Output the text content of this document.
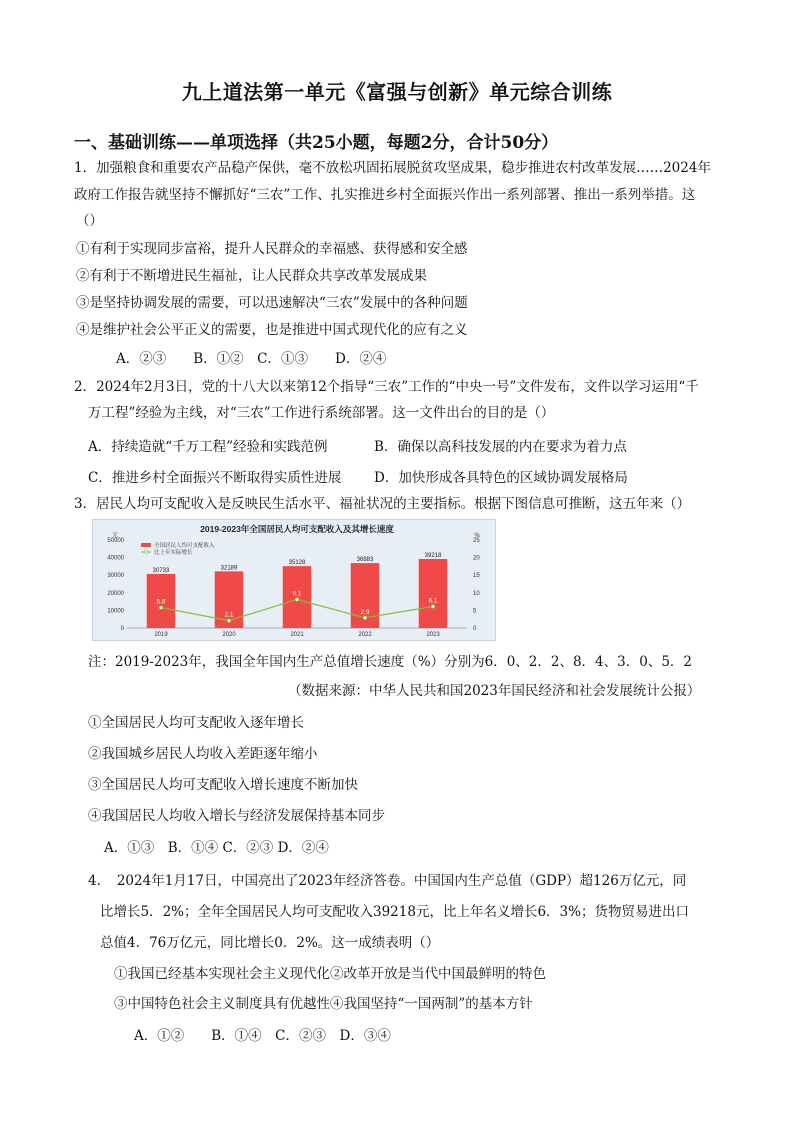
九上道法第一单元《富强与创新》单元综合训练
一、基础训练——单项选择（共25小题，每题2分，合计50分）
1．加强粮食和重要农产品稳产保供，毫不放松巩固拓展脱贫攻坚成果，稳步推进农村改革发展……2024年
政府工作报告就坚持不懈抓好“三农”工作、扎实推进乡村全面振兴作出一系列部署、推出一系列举措。这
（）
①有利于实现同步富裕，提升人民群众的幸福感、获得感和安全感
②有利于不断增进民生福祉，让人民群众共享改革发展成果
③是坚持协调发展的需要，可以迅速解决“三农”发展中的各种问题
④是维护社会公平正义的需要，也是推进中国式现代化的应有之义
A．②③　　B．①②　C．①③　　D．②④
2．2024年2月3日，党的十八大以来第12个指导“三农”工作的“中央一号”文件发布，文件以学习运用“千
万工程”经验为主线，对“三农”工作进行系统部署。这一文件出台的目的是（）
A．持续造就“千万工程”经验和实践范例	B．确保以高科技发展的内在要求为着力点
C．推进乡村全面振兴不断取得实质性进展 D．加快形成各具特色的区域协调发展格局
3．居民人均可支配收入是反映民生活水平、福祉状况的主要指标。根据下图信息可推断，这五年来（）
元	%
0
10000
20000
30000
40000
50000
0
5
10
15
20
25
2019	2020	2021	2022	2023
30733	32189
35128
36883
39218
5.8
2.1
8.1
2.9
6.1
全国居民人均可支配收入
比上年实际增长
2019-2023年全国居民人均可支配收入及其增长速度
注：2019-2023年，我国全年国内生产总值增长速度（%）分别为6．0、2．2、8．4、3．0、5．2
（数据来源：中华人民共和国2023年国民经济和社会发展统计公报）
①全国居民人均可支配收入逐年增长
②我国城乡居民人均收入差距逐年缩小
③全国居民人均可支配收入增长速度不断加快
④我国居民人均收入增长与经济发展保持基本同步
A．①③　B．①④ C．②③ D．②④
4．　2024年1月17日，中国亮出了2023年经济答卷。中国国内生产总值（GDP）超126万亿元，同
比增长5．2%；全年全国居民人均可支配收入39218元，比上年名义增长6．3%；货物贸易进出口
总值4．76万亿元，同比增长0．2%。这一成绩表明（）
①我国已经基本实现社会主义现代化②改革开放是当代中国最鲜明的特色
③中国特色社会主义制度具有优越性④我国坚持“一国两制”的基本方针
A．①②　　B．①④　C．②③　D．③④
